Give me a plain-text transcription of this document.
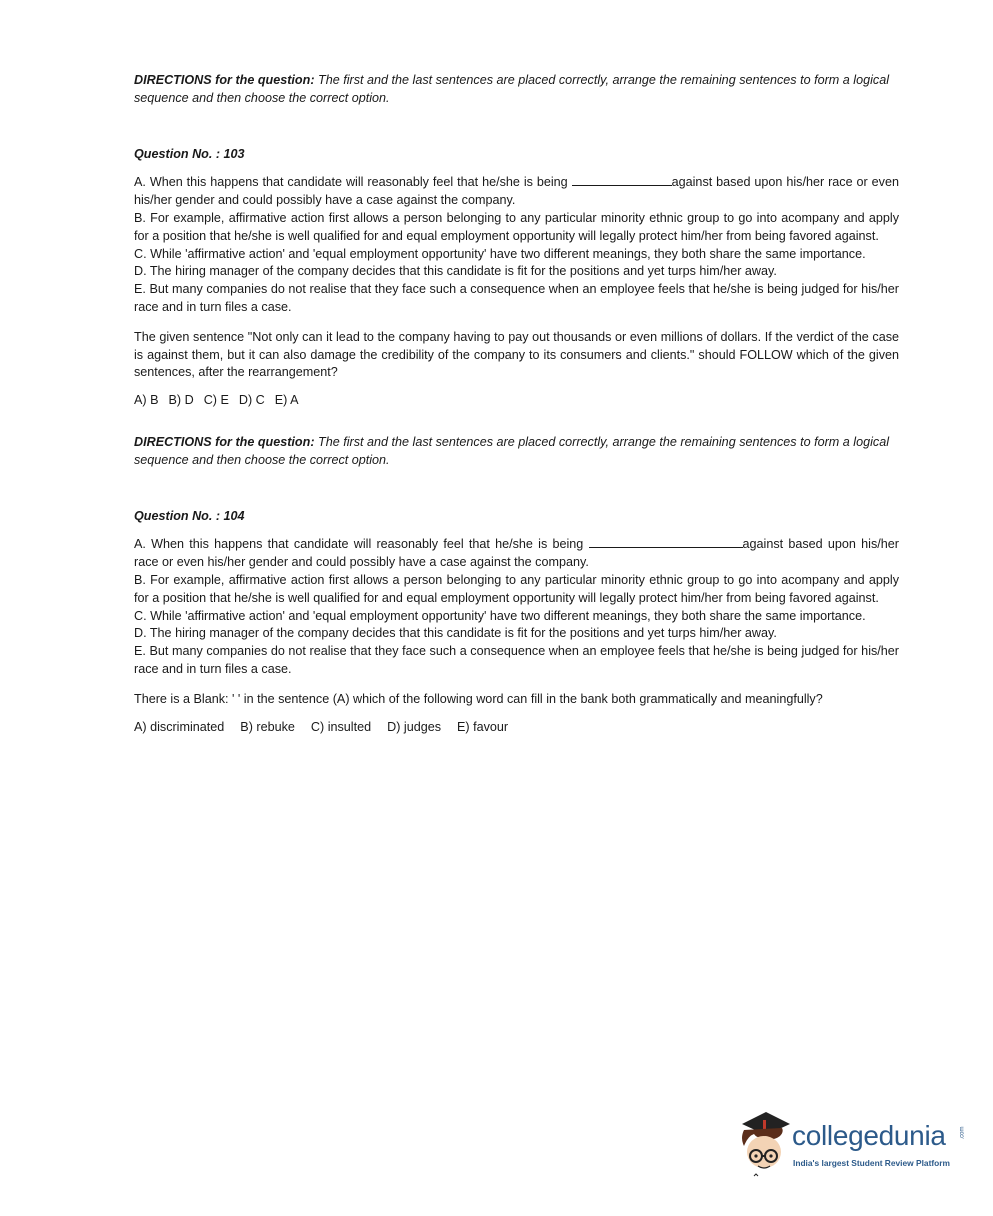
DIRECTIONS for the question: The first and the last sentences are placed correctly, arrange the remaining sentences to form a logical sequence and then choose the correct option.

Question No. : 103

A. When this happens that candidate will reasonably feel that he/she is being	against based upon his/her race or even his/her gender and could possibly have a case against the company.

B. For example, affirmative action first allows a person belonging to any particular minority ethnic group to go into acompany and apply for a position that he/she is well qualified for and equal employment opportunity will legally protect him/her from being favored against.

C. While 'affirmative action' and 'equal employment opportunity' have two different meanings, they both share the same importance.

D. The hiring manager of the company decides that this candidate is fit for the positions and yet turps him/her away.

E. But many companies do not realise that they face such a consequence when an employee feels that he/she is being judged for his/her race and in turn files a case.

The given sentence "Not only can it lead to the company having to pay out thousands or even millions of dollars. If the verdict of the case is against them, but it can also damage the credibility of the company to its consumers and clients." should FOLLOW which of the given sentences, after the rearrangement?

A) B B) D C) E D) C E) A

DIRECTIONS for the question: The first and the last sentences are placed correctly, arrange the remaining sentences to form a logical sequence and then choose the correct option.

Question No. : 104

A. When this happens that candidate will reasonably feel that he/she is being	against based upon his/her race or even his/her gender and could possibly have a case against the company.

B. For example, affirmative action first allows a person belonging to any particular minority ethnic group to go into acompany and apply for a position that he/she is well qualified for and equal employment opportunity will legally protect him/her from being favored against.

C. While 'affirmative action' and 'equal employment opportunity' have two different meanings, they both share the same importance.

D. The hiring manager of the company decides that this candidate is fit for the positions and yet turps him/her away.

E. But many companies do not realise that they face such a consequence when an employee feels that he/she is being judged for his/her race and in turn files a case.

There is a Blank: ' ' in the sentence (A) which of the following word can fill in the bank both grammatically and meaningfully?

A) discriminated B) rebuke C) insulted D) judges E) favour

collegedunia .com
India's largest Student Review Platform
